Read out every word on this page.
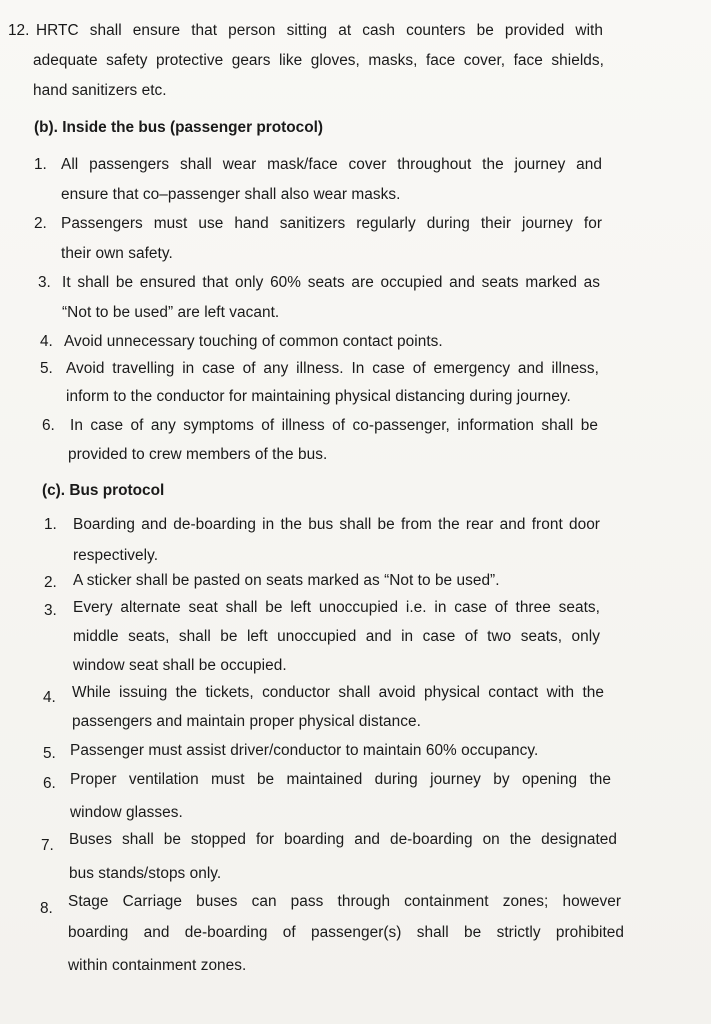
12. HRTC shall ensure that person sitting at cash counters be provided with
adequate safety protective gears like gloves, masks, face cover, face shields,
hand sanitizers etc.
(b). Inside the bus (passenger protocol)
1. All passengers shall wear mask/face cover throughout the journey and
ensure that co–passenger shall also wear masks.
2. Passengers must use hand sanitizers regularly during their journey for
their own safety.
3. It shall be ensured that only 60% seats are occupied and seats marked as
“Not to be used” are left vacant.
4. Avoid unnecessary touching of common contact points.
5. Avoid travelling in case of any illness. In case of emergency and illness,
inform to the conductor for maintaining physical distancing during journey.
6. In case of any symptoms of illness of co-passenger, information shall be
provided to crew members of the bus.
(c). Bus protocol
1. Boarding and de-boarding in the bus shall be from the rear and front door
respectively.
2. A sticker shall be pasted on seats marked as “Not to be used”.
3. Every alternate seat shall be left unoccupied i.e. in case of three seats,
middle seats, shall be left unoccupied and in case of two seats, only
window seat shall be occupied.
4. While issuing the tickets, conductor shall avoid physical contact with the
passengers and maintain proper physical distance.
5. Passenger must assist driver/conductor to maintain 60% occupancy.
6. Proper ventilation must be maintained during journey by opening the
window glasses.
7. Buses shall be stopped for boarding and de-boarding on the designated
bus stands/stops only.
8. Stage Carriage buses can pass through containment zones; however
boarding and de-boarding of passenger(s) shall be strictly prohibited
within containment zones.
